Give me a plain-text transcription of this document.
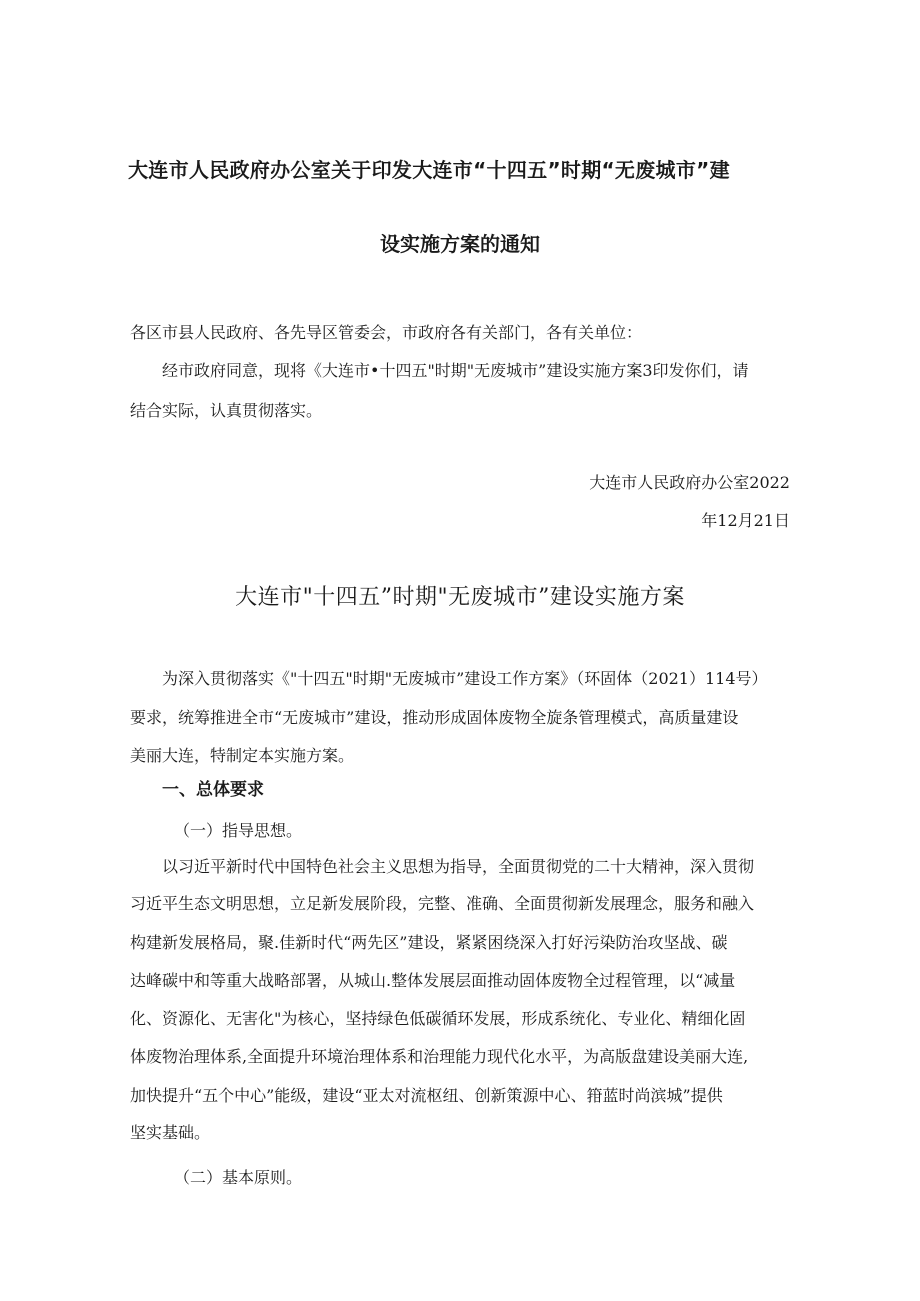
大连市人民政府办公室关于印发大连市“十四五”时期“无废城市”建
设实施方案的通知
各区市县人民政府、各先导区管委会，市政府各有关部门，各有关单位：
经市政府同意，现将《大连市•十四五"时期"无废城市”建设实施方案3印发你们，请
结合实际，认真贯彻落实。
大连市人民政府办公室2022
年12月21日
大连市"十四五”时期"无废城市”建设实施方案
为深入贯彻落实《"十四五"时期"无废城市”建设工作方案》（环固体（2021）114号）
要求，统筹推进全市“无废城市”建设，推动形成固体废物全旋条管理模式，高质量建设
美丽大连，特制定本实施方案。
一、总体要求
（一）指导思想。
以习近平新时代中国特色社会主义思想为指导，全面贯彻党的二十大精神，深入贯彻
习近平生态文明思想，立足新发展阶段，完整、准确、全面贯彻新发展理念，服务和融入
构建新发展格局，聚.佳新时代“两先区”建设，紧紧困绕深入打好污染防治攻坚战、碳
达峰碳中和等重大战略部署，从城山.整体发展层面推动固体废物全过程管理，以“减量
化、资源化、无害化"为核心，坚持绿色低碳循环发展，形成系统化、专业化、精细化固
体废物治理体系,全面提升环境治理体系和治理能力现代化水平，为高版盘建设美丽大连,
加快提升“五个中心”能级，建设“亚太对流枢纽、创新策源中心、箝蓝时尚滨城”提供
坚实基础。
（二）基本原则。
